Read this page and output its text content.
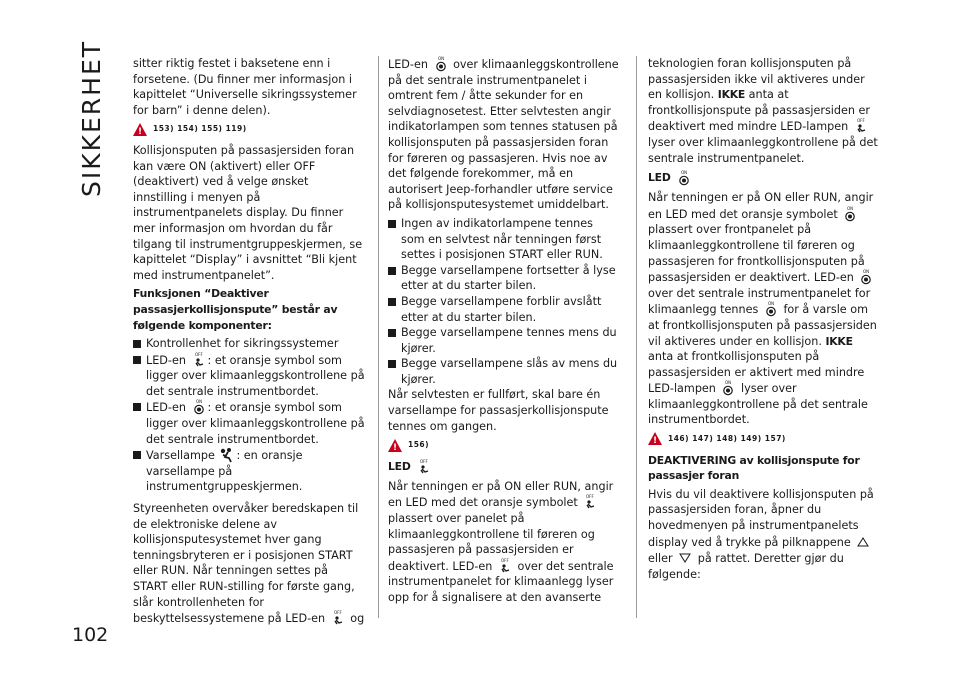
SIKKERHET sitter riktig festet i baksetene enn i forsetene. (Du finner mer informasjon i kapittelet “Universelle sikringssystemer for barn” i denne delen).
!
153) 154) 155) 119)
Kollisjonsputen på passasjersiden foran kan være ON (aktivert) eller OFF (deaktivert) ved å velge ønsket innstilling i menyen på instrumentpanelets display. Du finner mer informasjon om hvordan du får tilgang til instrumentgruppeskjermen, se kapittelet “Display” i avsnittet “Bli kjent med instrumentpanelet”.
Funksjonen “Deaktiver passasjerkollisjonspute” består av følgende komponenter:
Kontrollenhet for sikringssystemer
LED-en OFF : et oransje symbol som ligger over klimaanleggskontrollene på det sentrale instrumentbordet.
LED-en ON : et oransje symbol som ligger over klimaanleggskontrollene på det sentrale instrumentbordet.
Varsellampe : en oransje varsellampe på instrumentgruppeskjermen.
Styreenheten overvåker beredskapen til de elektroniske delene av kollisjonsputesystemet hver gang tenningsbryteren er i posisjonen START eller RUN. Når tenningen settes på START eller RUN-stilling for første gang, slår kontrollenheten for beskyttelsessystemene på LED-en OFF og
LED-en ON over klimaanleggskontrollene på det sentrale instrumentpanelet i omtrent fem / åtte sekunder for en selvdiagnosetest. Etter selvtesten angir indikatorlampen som tennes statusen på kollisjonsputen på passasjersiden foran for føreren og passasjeren. Hvis noe av det følgende forekommer, må en autorisert Jeep-forhandler utføre service på kollisjonsputesystemet umiddelbart.
Ingen av indikatorlampene tennes som en selvtest når tenningen først settes i posisjonen START eller RUN.
Begge varsellampene fortsetter å lyse etter at du starter bilen.
Begge varsellampene forblir avslått etter at du starter bilen.
Begge varsellampene tennes mens du kjører.
Begge varsellampene slås av mens du kjører.
Når selvtesten er fullført, skal bare én varsellampe for passasjerkollisjonspute tennes om gangen.
!
156)
LED OFF
Når tenningen er på ON eller RUN, angir en LED med det oransje symbolet OFF
plassert over panelet på klimaanleggkontrollene til føreren og passasjeren på passasjersiden er deaktivert. LED-en OFF over det sentrale instrumentpanelet for klimaanlegg lyser opp for å signalisere at den avanserte
teknologien foran kollisjonsputen på passasjersiden ikke vil aktiveres under en kollisjon. IKKE anta at frontkollisjonspute på passasjersiden er deaktivert med mindre LED-lampen OFF
lyser over klimaanleggkontrollene på det sentrale instrumentpanelet.
LED	ON
Når tenningen er på ON eller RUN, angir en LED med det oransje symbolet ON
plassert over frontpanelet på klimaanleggkontrollene til føreren og passasjeren for frontkollisjonsputen på passasjersiden er deaktivert. LED-en ON
over det sentrale instrumentpanelet for klimaanlegg tennes ON for å varsle om at frontkollisjonsputen på passasjersiden vil aktiveres under en kollisjon. IKKE anta at frontkollisjonsputen på passasjersiden er aktivert med mindre LED-lampen ON lyser over klimaanleggkontrollene på det sentrale instrumentbordet.
!
146) 147) 148) 149) 157)
DEAKTIVERING av kollisjonspute for passasjer foran
Hvis du vil deaktivere kollisjonsputen på passasjersiden foran, åpner du hovedmenyen på instrumentpanelets display ved å trykke på pilknappene  eller på rattet. Deretter gjør du følgende:
102
